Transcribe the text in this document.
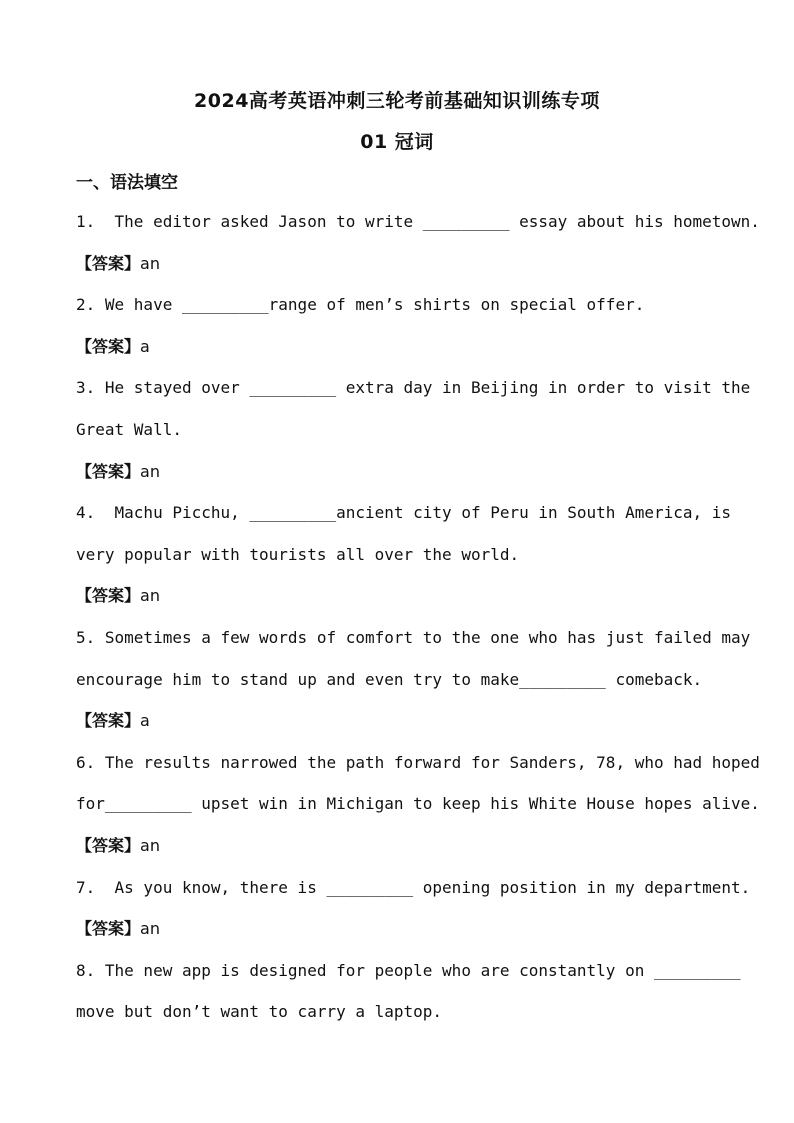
2024高考英语冲刺三轮考前基础知识训练专项
01 冠词
一、语法填空
1.  The editor asked Jason to write _________ essay about his hometown.
【答案】an
2. We have _________range of men’s shirts on special offer.
【答案】a
3. He stayed over _________ extra day in Beijing in order to visit the
Great Wall.
【答案】an
4.  Machu Picchu, _________ancient city of Peru in South America, is
very popular with tourists all over the world.
【答案】an
5. Sometimes a few words of comfort to the one who has just failed may
encourage him to stand up and even try to make_________ comeback.
【答案】a
6. The results narrowed the path forward for Sanders, 78, who had hoped
for_________ upset win in Michigan to keep his White House hopes alive.
【答案】an
7.  As you know, there is _________ opening position in my department.
【答案】an
8. The new app is designed for people who are constantly on _________
move but don’t want to carry a laptop.
